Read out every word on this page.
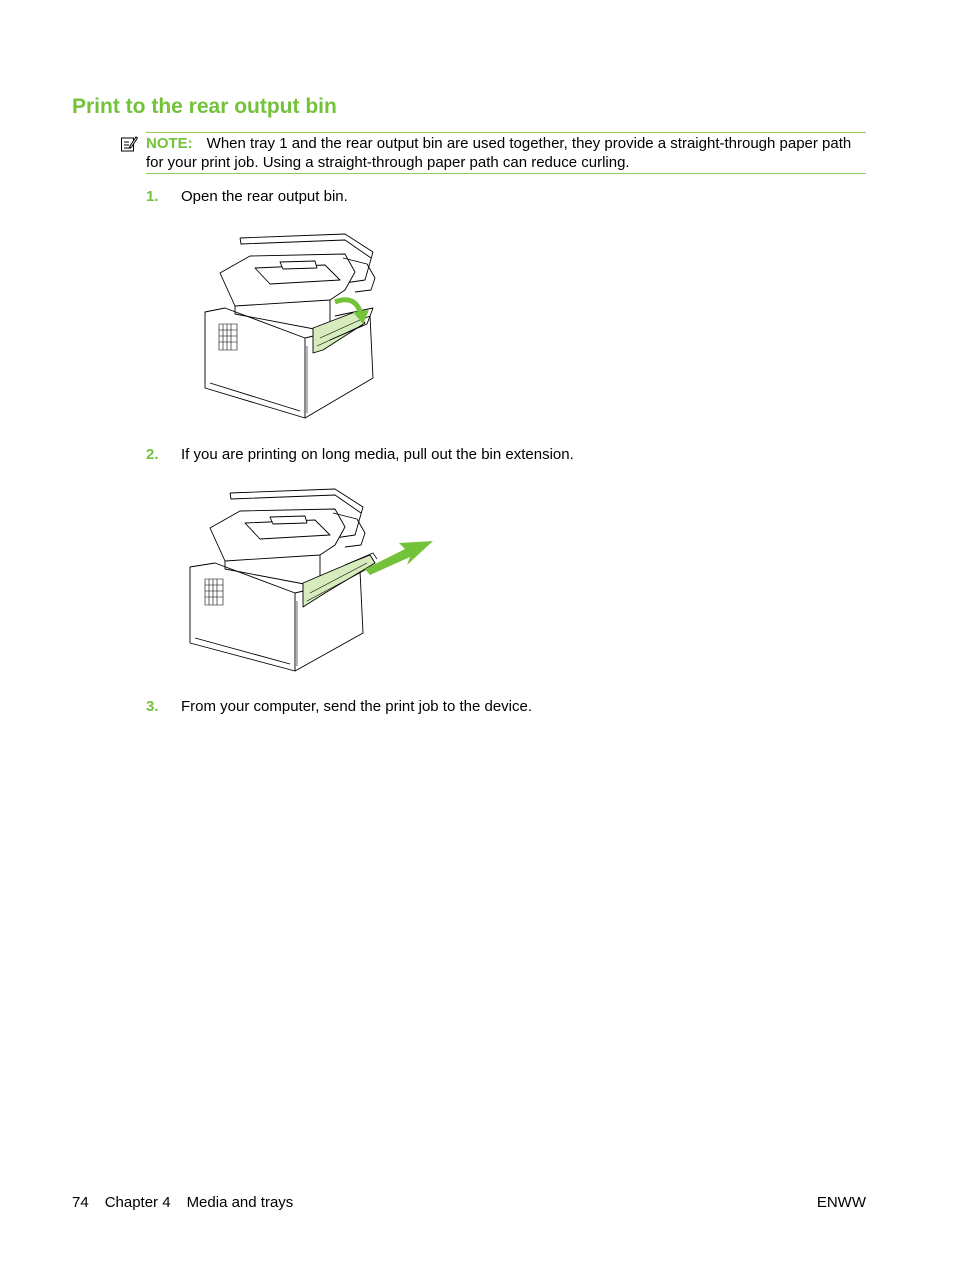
Print to the rear output bin
NOTE: When tray 1 and the rear output bin are used together, they provide a straight-through paper path for your print job. Using a straight-through paper path can reduce curling.
1. Open the rear output bin.
2. If you are printing on long media, pull out the bin extension.
3. From your computer, send the print job to the device.
74 Chapter 4 Media and trays	ENWW
